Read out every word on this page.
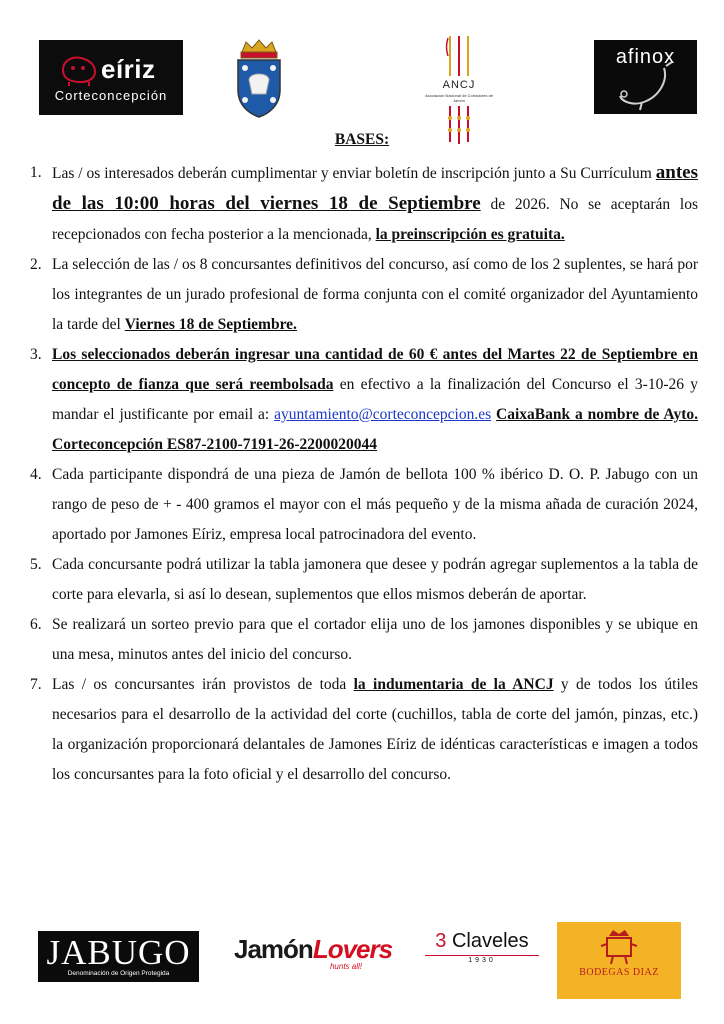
eíriz
Corteconcepción
ANCJ
Asociación Nacional de Cortadores de Jamón
afinox
BASES:
1. Las / os interesados deberán cumplimentar y enviar boletín de inscripción junto a Su Currículum antes de las 10:00 horas del viernes 18 de Septiembre de 2026. No se aceptarán los recepcionados con fecha posterior a la mencionada, la preinscripción es gratuita.
2. La selección de las / os 8 concursantes definitivos del concurso, así como de los 2 suplentes, se hará por los integrantes de un jurado profesional de forma conjunta con el comité organizador del Ayuntamiento la tarde del Viernes 18 de Septiembre.
3. Los seleccionados deberán ingresar una cantidad de 60 € antes del Martes 22 de Septiembre en concepto de fianza que será reembolsada en efectivo a la finalización del Concurso el 3-10-26 y mandar el justificante por email a: ayuntamiento@corteconcepcion.es CaixaBank a nombre de Ayto. Corteconcepción ES87-2100-7191-26-2200020044
4. Cada participante dispondrá de una pieza de Jamón de bellota 100 % ibérico D. O. P. Jabugo con un rango de peso de + - 400 gramos el mayor con el más pequeño y de la misma añada de curación 2024, aportado por Jamones Eíriz, empresa local patrocinadora del evento.
5. Cada concursante podrá utilizar la tabla jamonera que desee y podrán agregar suplementos a la tabla de corte para elevarla, si así lo desean, suplementos que ellos mismos deberán de aportar.
6. Se realizará un sorteo previo para que el cortador elija uno de los jamones disponibles y se ubique en una mesa, minutos antes del inicio del concurso.
7. Las / os concursantes irán provistos de toda la indumentaria de la ANCJ y de todos los útiles necesarios para el desarrollo de la actividad del corte (cuchillos, tabla de corte del jamón, pinzas, etc.) la organización proporcionará delantales de Jamones Eíriz de idénticas características e imagen a todos los concursantes para la foto oficial y el desarrollo del concurso.
JABUGO
Denominación de Origen Protegida
JamónLovers
hunts all!
3 Claveles
1930
BODEGAS DIAZ
